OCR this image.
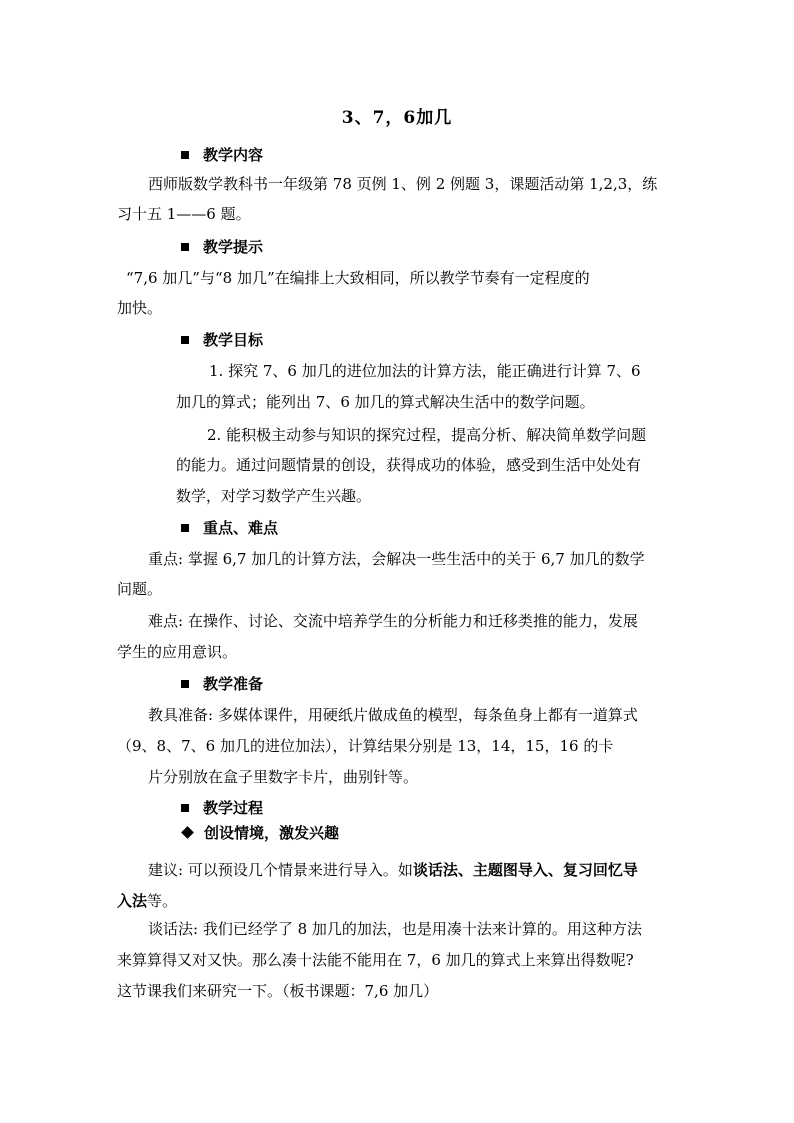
3、7，6加几
教学内容
西师版数学教科书一年级第 78 页例 1、例 2 例题 3，课题活动第 1,2,3，练
习十五 1——6 题。
教学提示
“7,6 加几”与“8 加几”在编排上大致相同，所以教学节奏有一定程度的
加快。
教学目标
1. 探究 7、6 加几的进位加法的计算方法，能正确进行计算 7、6
加几的算式；能列出 7、6 加几的算式解决生活中的数学问题。
2. 能积极主动参与知识的探究过程，提高分析、解决简单数学问题
的能力。通过问题情景的创设，获得成功的体验，感受到生活中处处有
数学，对学习数学产生兴趣。
重点、难点
重点: 掌握 6,7 加几的计算方法，会解决一些生活中的关于 6,7 加几的数学
问题。
难点: 在操作、讨论、交流中培养学生的分析能力和迁移类推的能力，发展
学生的应用意识。
教学准备
教具准备: 多媒体课件，用硬纸片做成鱼的模型，每条鱼身上都有一道算式
（9、8、7、6 加几的进位加法），计算结果分别是 13，14，15，16 的卡
片分别放在盒子里数字卡片，曲别针等。
教学过程
创设情境，激发兴趣
建议: 可以预设几个情景来进行导入。如谈话法、主题图导入、复习回忆导
入法等。
谈话法: 我们已经学了 8 加几的加法，也是用凑十法来计算的。用这种方法
来算算得又对又快。那么凑十法能不能用在 7，6 加几的算式上来算出得数呢?
这节课我们来研究一下。（板书课题：7,6 加几）
